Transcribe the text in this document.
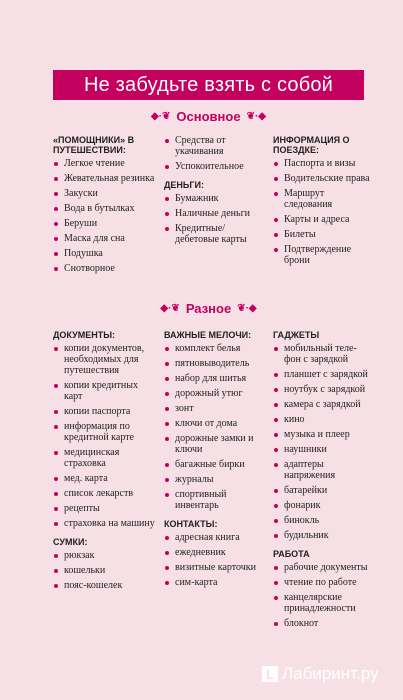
Не забудьте взять с собой
◆·❦ Основное ❦·◆
«ПОМОЩНИКИ» В ПУТЕШЕСТВИИ:
Легкое чтение
Жевательная резинка
Закуски
Вода в бутылках
Беруши
Маска для сна
Подушка
Снотворное
Средства от укачивания
Успокоительное
ДЕНЬГИ:
Бумажник
Наличные деньги
Кредитные/ дебетовые карты
ИНФОРМАЦИЯ О ПОЕЗДКЕ:
Паспорта и визы
Водительские права
Маршрут следования
Карты и адреса
Билеты
Подтверждение брони
◆·❦ Разное ❦·◆
ДОКУМЕНТЫ:
копии документов, необходимых для путешествия
копии кредитных карт
копии паспорта
информация по кредитной карте
медицинская страховка
мед. карта
список лекарств
рецепты
страховка на машину
СУМКИ:
рюкзак
кошельки
пояс-кошелек
ВАЖНЫЕ МЕЛОЧИ:
комплект белья
пятновыводитель
набор для шитья
дорожный утюг
зонт
ключи от дома
дорожные замки и ключи
багажные бирки
журналы
спортивный инвентарь
КОНТАКТЫ:
адресная книга
ежедневник
визитные карточки
сим-карта
ГАДЖЕТЫ
мобильный теле- фон с зарядкой
планшет с зарядкой
ноутбук с зарядкой
камера с зарядкой
кино
музыка и плеер
наушники
адаптеры напряжения
батарейки
фонарик
бинокль
будильник
РАБОТА
рабочие документы
чтение по работе
канцелярские принадлежности
блокнот
L Лабиринт.ру
